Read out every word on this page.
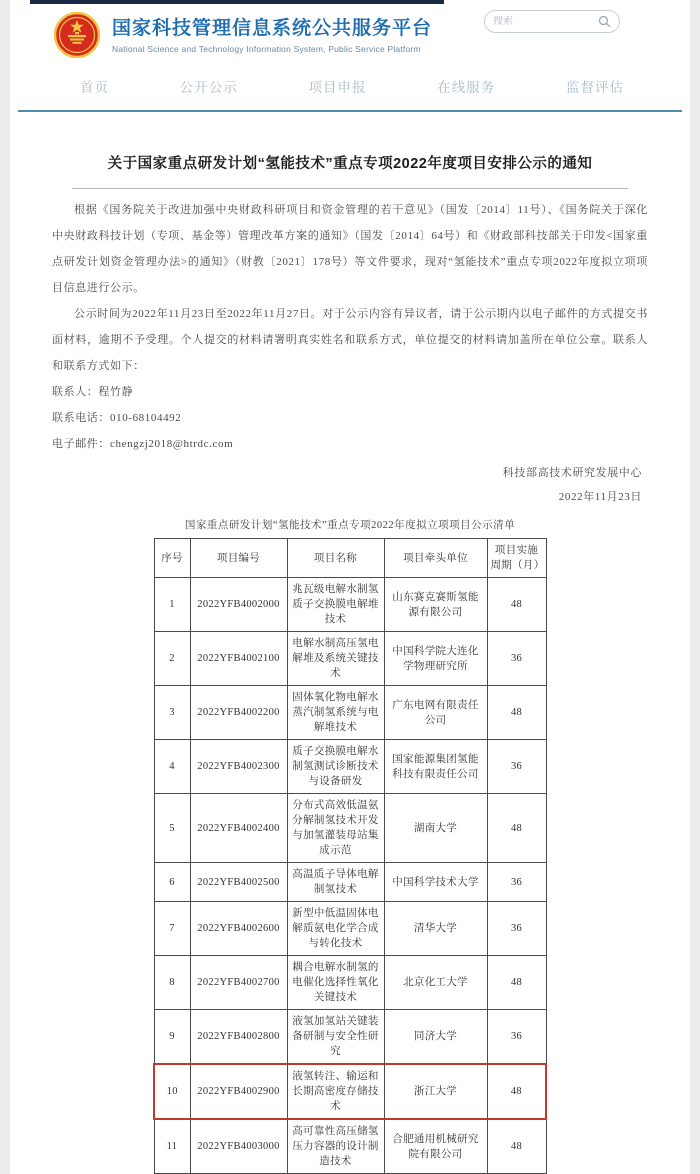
国家科技管理信息系统公共服务平台
National Science and Technology Information System, Public Service Platform
搜索
首页	公开公示	项目申报	在线服务	监督评估
关于国家重点研发计划“氢能技术”重点专项2022年度项目安排公示的通知
根据《国务院关于改进加强中央财政科研项目和资金管理的若干意见》（国发〔2014〕11号）、《国务院关于深化中央财政科技计划（专项、基金等）管理改革方案的通知》（国发〔2014〕64号）和《财政部科技部关于印发<国家重点研发计划资金管理办法>的通知》（财教〔2021〕178号）等文件要求，现对“氢能技术”重点专项2022年度拟立项项目信息进行公示。
公示时间为2022年11月23日至2022年11月27日。对于公示内容有异议者，请于公示期内以电子邮件的方式提交书面材料，逾期不予受理。个人提交的材料请署明真实姓名和联系方式，单位提交的材料请加盖所在单位公章。联系人和联系方式如下：
联系人：程竹静
联系电话：010-68104492
电子邮件：chengzj2018@htrdc.com
科技部高技术研究发展中心
2022年11月23日
国家重点研发计划“氢能技术”重点专项2022年度拟立项项目公示清单
序号	项目编号	项目名称	项目牵头单位	项目实施周期（月）
1	2022YFB4002000	兆瓦级电解水制氢质子交换膜电解堆技术	山东赛克赛斯氢能源有限公司	48
2	2022YFB4002100	电解水制高压氢电解堆及系统关键技术	中国科学院大连化学物理研究所	36
3	2022YFB4002200	固体氧化物电解水蒸汽制氢系统与电解堆技术	广东电网有限责任公司	48
4	2022YFB4002300	质子交换膜电解水制氢测试诊断技术与设备研发	国家能源集团氢能科技有限责任公司	36
5	2022YFB4002400	分布式高效低温氨分解制氢技术开发与加氢灌装母站集成示范	湖南大学	48
6	2022YFB4002500	高温质子导体电解制氢技术	中国科学技术大学	36
7	2022YFB4002600	新型中低温固体电解质氨电化学合成与转化技术	清华大学	36
8	2022YFB4002700	耦合电解水制氢的电催化选择性氧化关键技术	北京化工大学	48
9	2022YFB4002800	液氢加氢站关键装备研制与安全性研究	同济大学	36
10	2022YFB4002900	液氢转注、输运和长期高密度存储技术	浙江大学	48
11	2022YFB4003000	高可靠性高压储氢压力容器的设计制造技术	合肥通用机械研究院有限公司	48
